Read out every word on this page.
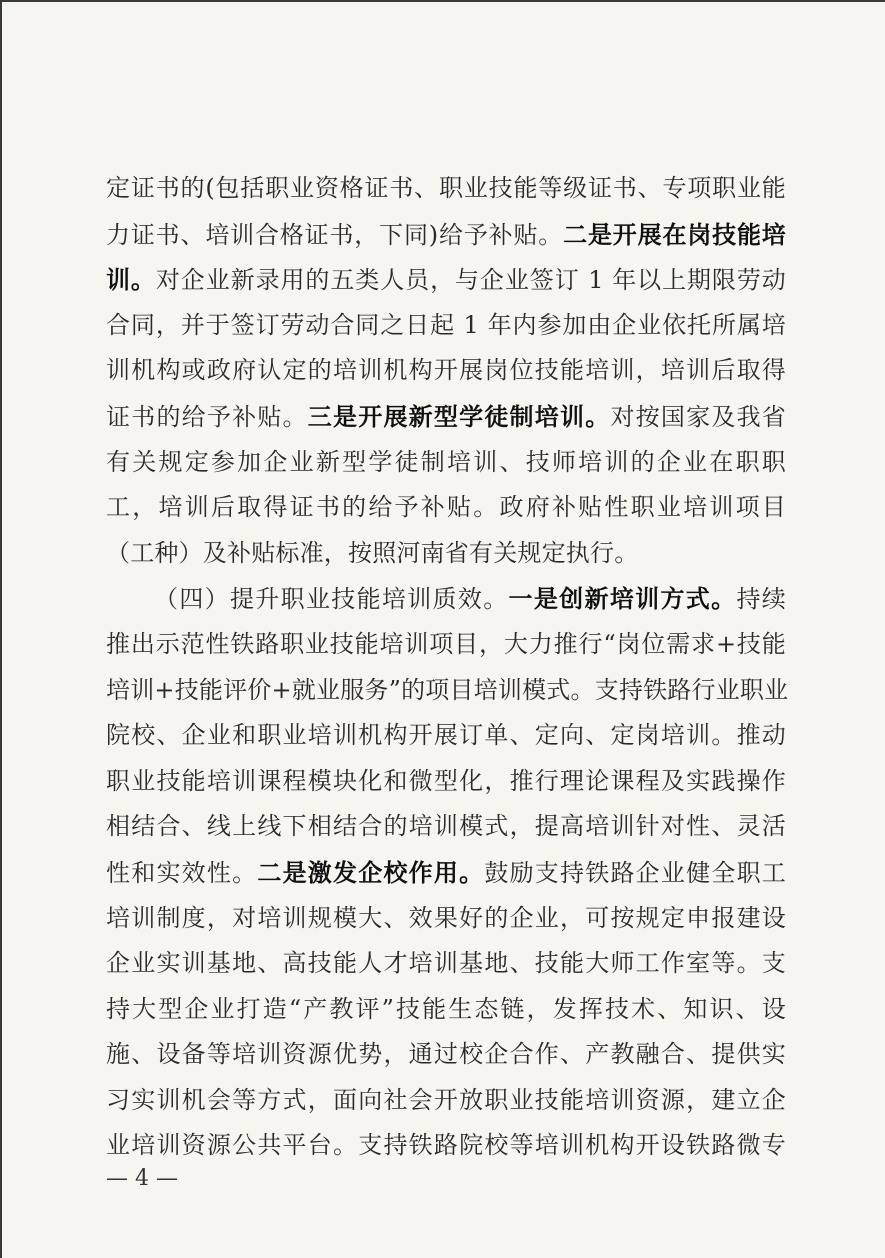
定证书的(包括职业资格证书、职业技能等级证书、专项职业能
力证书、培训合格证书，下同)给予补贴。二是开展在岗技能培
训。对企业新录用的五类人员，与企业签订 1 年以上期限劳动
合同，并于签订劳动合同之日起 1 年内参加由企业依托所属培
训机构或政府认定的培训机构开展岗位技能培训，培训后取得
证书的给予补贴。三是开展新型学徒制培训。对按国家及我省
有关规定参加企业新型学徒制培训、技师培训的企业在职职
工，培训后取得证书的给予补贴。政府补贴性职业培训项目
（工种）及补贴标准，按照河南省有关规定执行。
（四）提升职业技能培训质效。一是创新培训方式。持续
推出示范性铁路职业技能培训项目，大力推行“岗位需求+技能
培训+技能评价+就业服务”的项目培训模式。支持铁路行业职业
院校、企业和职业培训机构开展订单、定向、定岗培训。推动
职业技能培训课程模块化和微型化，推行理论课程及实践操作
相结合、线上线下相结合的培训模式，提高培训针对性、灵活
性和实效性。二是激发企校作用。鼓励支持铁路企业健全职工
培训制度，对培训规模大、效果好的企业，可按规定申报建设
企业实训基地、高技能人才培训基地、技能大师工作室等。支
持大型企业打造“产教评”技能生态链，发挥技术、知识、设
施、设备等培训资源优势，通过校企合作、产教融合、提供实
习实训机会等方式，面向社会开放职业技能培训资源，建立企
业培训资源公共平台。支持铁路院校等培训机构开设铁路微专
— 4 —
